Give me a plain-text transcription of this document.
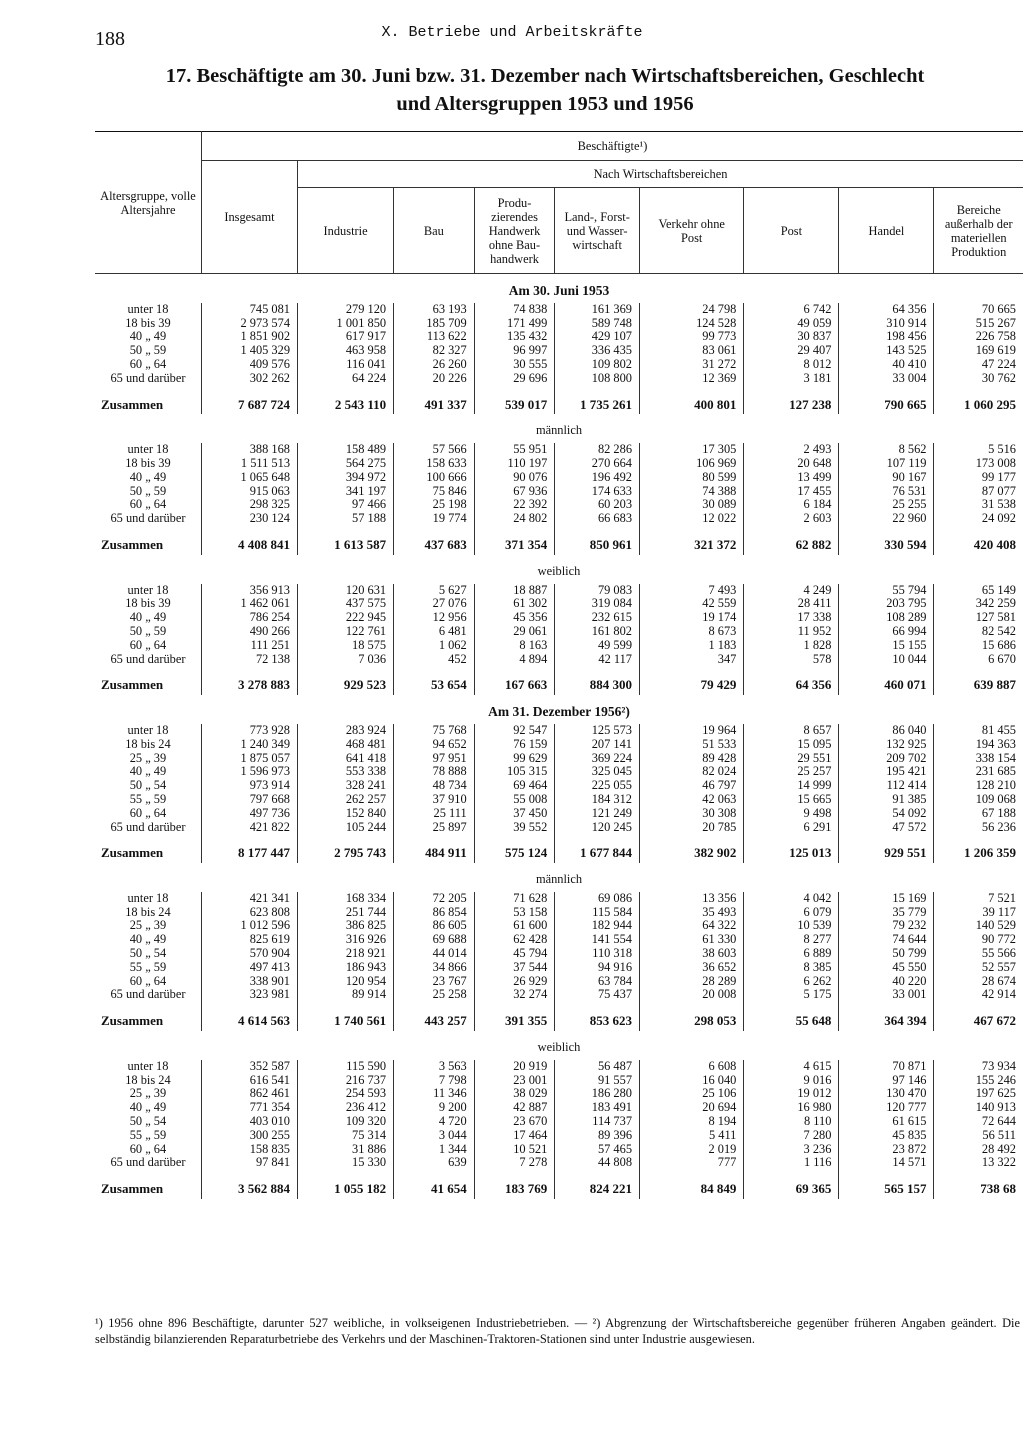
188	X. Betriebe und Arbeitskräfte
17. Beschäftigte am 30. Juni bzw. 31. Dezember nach Wirtschaftsbereichen, Geschlecht
und Altersgruppen 1953 und 1956
Altersgruppe, volle Altersjahre	Beschäftigte¹)								
	Insgesamt	Nach Wirtschaftsbereichen							
		Industrie	Bau	Produ-zierendes Handwerk ohne Bau-handwerk	Land-, Forst- und Wasser-wirtschaft	Verkehr ohne Post	Post	Handel	Bereiche außerhalb der materiellen Produktion
Am 30. Juni 1953									
unter 18	745 081	279 120	63 193	74 838	161 369	24 798	6 742	64 356	70 665
18 bis 39	2 973 574	1 001 850	185 709	171 499	589 748	124 528	49 059	310 914	515 267
40 „ 49	1 851 902	617 917	113 622	135 432	429 107	99 773	30 837	198 456	226 758
50 „ 59	1 405 329	463 958	82 327	96 997	336 435	83 061	29 407	143 525	169 619
60 „ 64	409 576	116 041	26 260	30 555	109 802	31 272	8 012	40 410	47 224
65 und darüber	302 262	64 224	20 226	29 696	108 800	12 369	3 181	33 004	30 762

Zusammen	7 687 724	2 543 110	491 337	539 017	1 735 261	400 801	127 238	790 665	1 060 295
männlich									
unter 18	388 168	158 489	57 566	55 951	82 286	17 305	2 493	8 562	5 516
18 bis 39	1 511 513	564 275	158 633	110 197	270 664	106 969	20 648	107 119	173 008
40 „ 49	1 065 648	394 972	100 666	90 076	196 492	80 599	13 499	90 167	99 177
50 „ 59	915 063	341 197	75 846	67 936	174 633	74 388	17 455	76 531	87 077
60 „ 64	298 325	97 466	25 198	22 392	60 203	30 089	6 184	25 255	31 538
65 und darüber	230 124	57 188	19 774	24 802	66 683	12 022	2 603	22 960	24 092

Zusammen	4 408 841	1 613 587	437 683	371 354	850 961	321 372	62 882	330 594	420 408
weiblich									
unter 18	356 913	120 631	5 627	18 887	79 083	7 493	4 249	55 794	65 149
18 bis 39	1 462 061	437 575	27 076	61 302	319 084	42 559	28 411	203 795	342 259
40 „ 49	786 254	222 945	12 956	45 356	232 615	19 174	17 338	108 289	127 581
50 „ 59	490 266	122 761	6 481	29 061	161 802	8 673	11 952	66 994	82 542
60 „ 64	111 251	18 575	1 062	8 163	49 599	1 183	1 828	15 155	15 686
65 und darüber	72 138	7 036	452	4 894	42 117	347	578	10 044	6 670

Zusammen	3 278 883	929 523	53 654	167 663	884 300	79 429	64 356	460 071	639 887
Am 31. Dezember 1956²)									
unter 18	773 928	283 924	75 768	92 547	125 573	19 964	8 657	86 040	81 455
18 bis 24	1 240 349	468 481	94 652	76 159	207 141	51 533	15 095	132 925	194 363
25 „ 39	1 875 057	641 418	97 951	99 629	369 224	89 428	29 551	209 702	338 154
40 „ 49	1 596 973	553 338	78 888	105 315	325 045	82 024	25 257	195 421	231 685
50 „ 54	973 914	328 241	48 734	69 464	225 055	46 797	14 999	112 414	128 210
55 „ 59	797 668	262 257	37 910	55 008	184 312	42 063	15 665	91 385	109 068
60 „ 64	497 736	152 840	25 111	37 450	121 249	30 308	9 498	54 092	67 188
65 und darüber	421 822	105 244	25 897	39 552	120 245	20 785	6 291	47 572	56 236

Zusammen	8 177 447	2 795 743	484 911	575 124	1 677 844	382 902	125 013	929 551	1 206 359
männlich									
unter 18	421 341	168 334	72 205	71 628	69 086	13 356	4 042	15 169	7 521
18 bis 24	623 808	251 744	86 854	53 158	115 584	35 493	6 079	35 779	39 117
25 „ 39	1 012 596	386 825	86 605	61 600	182 944	64 322	10 539	79 232	140 529
40 „ 49	825 619	316 926	69 688	62 428	141 554	61 330	8 277	74 644	90 772
50 „ 54	570 904	218 921	44 014	45 794	110 318	38 603	6 889	50 799	55 566
55 „ 59	497 413	186 943	34 866	37 544	94 916	36 652	8 385	45 550	52 557
60 „ 64	338 901	120 954	23 767	26 929	63 784	28 289	6 262	40 220	28 674
65 und darüber	323 981	89 914	25 258	32 274	75 437	20 008	5 175	33 001	42 914

Zusammen	4 614 563	1 740 561	443 257	391 355	853 623	298 053	55 648	364 394	467 672
weiblich									
unter 18	352 587	115 590	3 563	20 919	56 487	6 608	4 615	70 871	73 934
18 bis 24	616 541	216 737	7 798	23 001	91 557	16 040	9 016	97 146	155 246
25 „ 39	862 461	254 593	11 346	38 029	186 280	25 106	19 012	130 470	197 625
40 „ 49	771 354	236 412	9 200	42 887	183 491	20 694	16 980	120 777	140 913
50 „ 54	403 010	109 320	4 720	23 670	114 737	8 194	8 110	61 615	72 644
55 „ 59	300 255	75 314	3 044	17 464	89 396	5 411	7 280	45 835	56 511
60 „ 64	158 835	31 886	1 344	10 521	57 465	2 019	3 236	23 872	28 492
65 und darüber	97 841	15 330	639	7 278	44 808	777	1 116	14 571	13 322

Zusammen	3 562 884	1 055 182	41 654	183 769	824 221	84 849	69 365	565 157	738 68

¹) 1956 ohne 896 Beschäftigte, darunter 527 weibliche, in volkseigenen Industriebetrieben. — ²) Abgrenzung der Wirtschaftsbereiche gegenüber früheren Angaben geändert. Die selbständig bilanzierenden Reparaturbetriebe des Verkehrs und der Maschinen-Traktoren-Stationen sind unter Industrie ausgewiesen.
